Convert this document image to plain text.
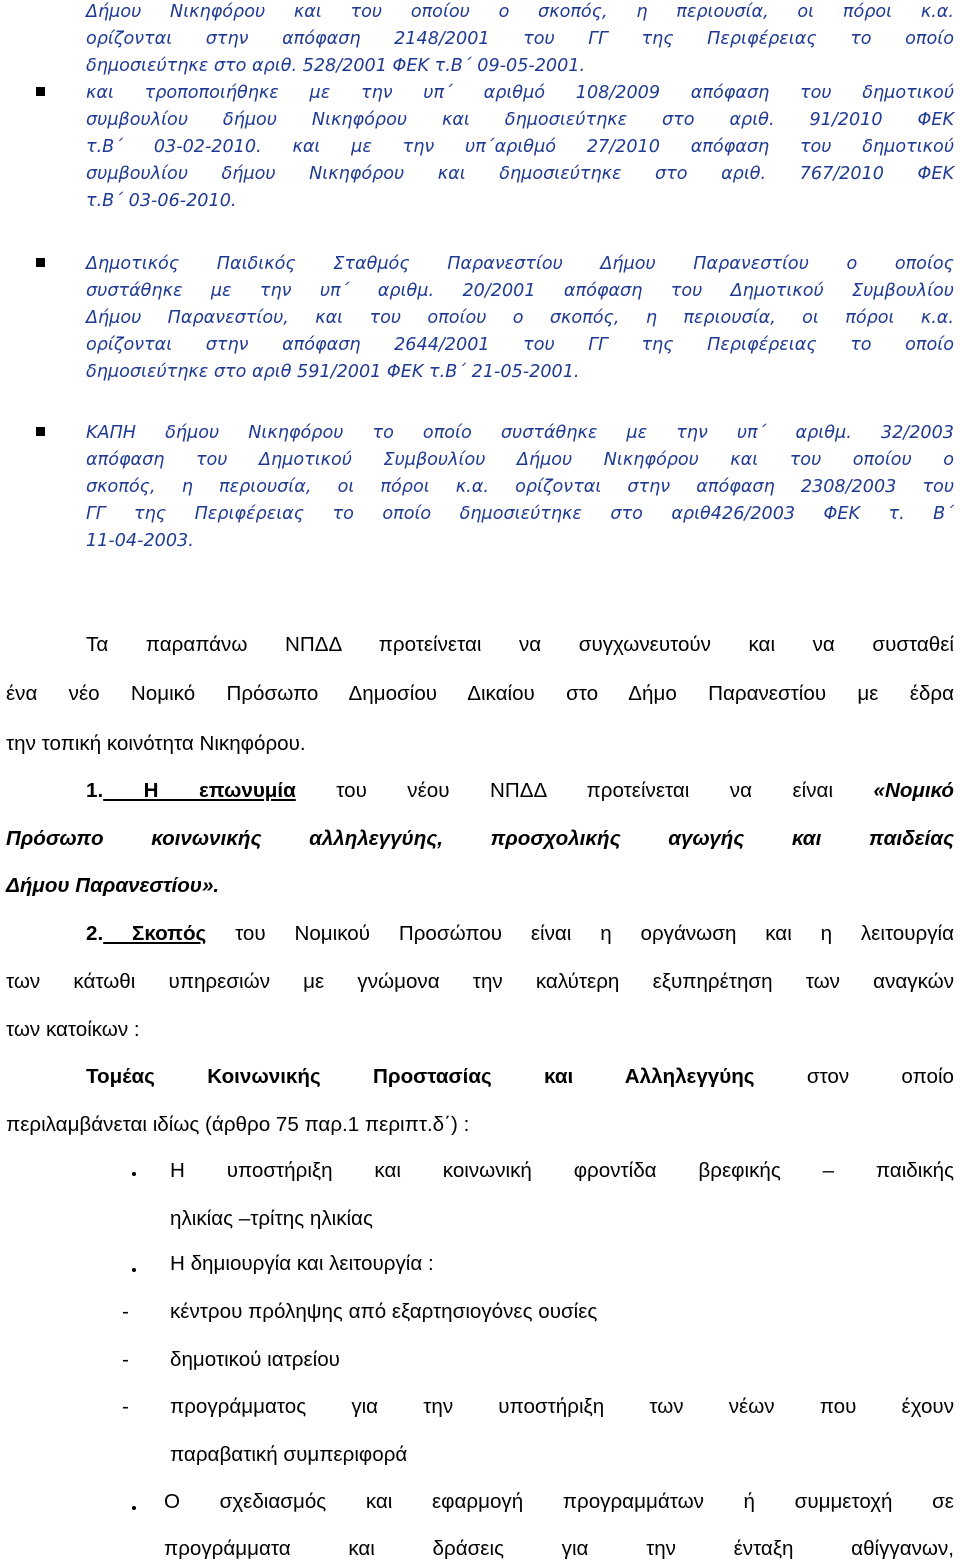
Δήμου Νικηφόρου και του οποίου ο σκοπός, η περιουσία, οι πόροι κ.α.
ορίζονται στην απόφαση 2148/2001 του ΓΓ της Περιφέρειας το οποίο
δημοσιεύτηκε στο αριθ. 528/2001 ΦΕΚ τ.Β΄ 09-05-2001.
και τροποποιήθηκε με την υπ΄ αριθμό 108/2009 απόφαση του δημοτικού
συμβουλίου δήμου Νικηφόρου και δημοσιεύτηκε στο αριθ. 91/2010 ΦΕΚ
τ.Β΄ 03-02-2010. και με την υπ΄αριθμό 27/2010 απόφαση του δημοτικού
συμβουλίου δήμου Νικηφόρου και δημοσιεύτηκε στο αριθ. 767/2010 ΦΕΚ
τ.Β΄ 03-06-2010.
Δημοτικός Παιδικός Σταθμός Παρανεστίου Δήμου Παρανεστίου ο οποίος
συστάθηκε με την υπ΄ αριθμ. 20/2001 απόφαση του Δημοτικού Συμβουλίου
Δήμου Παρανεστίου, και του οποίου ο σκοπός, η περιουσία, οι πόροι κ.α.
ορίζονται στην απόφαση 2644/2001 του ΓΓ της Περιφέρειας το οποίο
δημοσιεύτηκε στο αριθ 591/2001 ΦΕΚ τ.Β΄ 21-05-2001.
ΚΑΠΗ δήμου Νικηφόρου το οποίο συστάθηκε με την υπ΄ αριθμ. 32/2003
απόφαση του Δημοτικού Συμβουλίου Δήμου Νικηφόρου και του οποίου ο
σκοπός, η περιουσία, οι πόροι κ.α. ορίζονται στην απόφαση 2308/2003 του
ΓΓ της Περιφέρειας το οποίο δημοσιεύτηκε στο αριθ426/2003 ΦΕΚ τ. Β΄
11-04-2003.
Τα παραπάνω ΝΠΔΔ προτείνεται να συγχωνευτούν και να συσταθεί
ένα νέο Νομικό Πρόσωπο Δημοσίου Δικαίου στο Δήμο Παρανεστίου με έδρα
την τοπική κοινότητα Νικηφόρου.
1. Η επωνυμία του νέου ΝΠΔΔ προτείνεται να είναι «Νομικό
Πρόσωπο κοινωνικής αλληλεγγύης, προσχολικής αγωγής και παιδείας
Δήμου Παρανεστίου».
2. Σκοπός του Νομικού Προσώπου είναι η οργάνωση και η λειτουργία
των κάτωθι υπηρεσιών με γνώμονα την καλύτερη εξυπηρέτηση των αναγκών
των κατοίκων :
Τομέας Κοινωνικής Προστασίας και Αλληλεγγύης στον οποίο
περιλαμβάνεται ιδίως (άρθρο 75 παρ.1 περιπτ.δ΄) :
Η υποστήριξη και κοινωνική φροντίδα βρεφικής – παιδικής
ηλικίας –τρίτης ηλικίας
Η δημιουργία και λειτουργία :
- κέντρου πρόληψης από εξαρτησιογόνες ουσίες
- δημοτικού ιατρείου
- προγράμματος για την υποστήριξη των νέων που έχουν
παραβατική συμπεριφορά
Ο σχεδιασμός και εφαρμογή προγραμμάτων ή συμμετοχή σε
προγράμματα και δράσεις για την ένταξη αθίγγανων,
